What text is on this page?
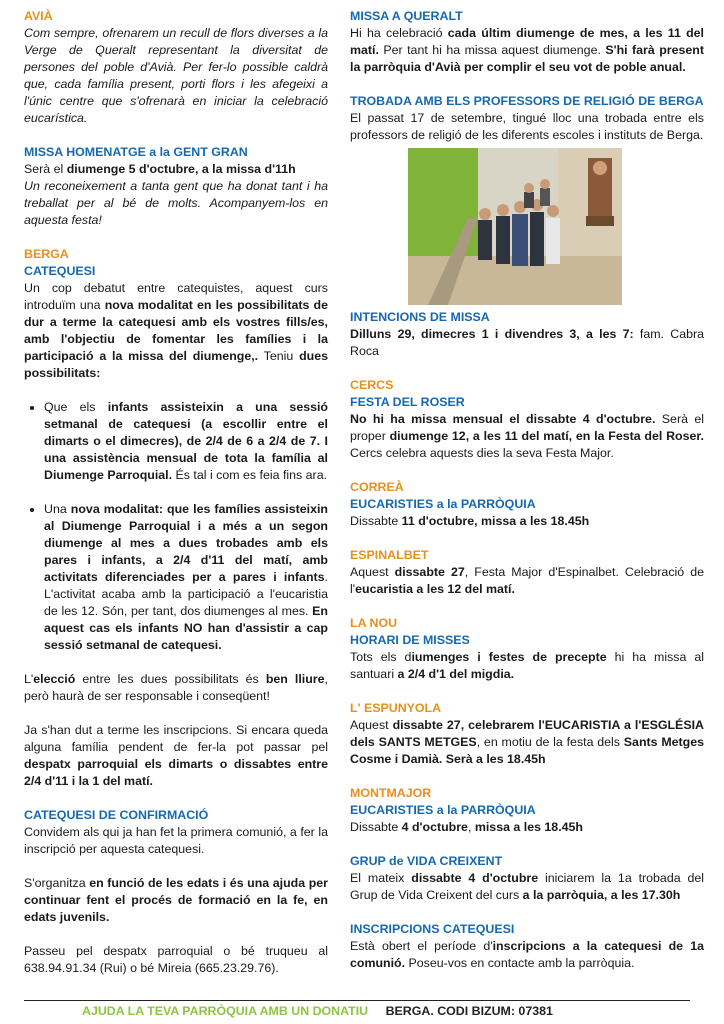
AVIÀ

Com sempre, ofrenarem un recull de flors diverses a la Verge de Queralt representant la diversitat de persones del poble d'Avià. Per fer-lo possible caldrà que, cada família present, porti flors i les afegeixi a l'únic centre que s'ofrenarà en iniciar la celebració eucarística.

MISSA HOMENATGE a la GENT GRAN

Serà el diumenge 5 d'octubre, a la missa d'11h

Un reconeixement a tanta gent que ha donat tant i ha treballat per al bé de molts. Acompanyem-los en aquesta festa!

BERGA

CATEQUESI

Un cop debatut entre catequistes, aquest curs introduïm una nova modalitat en les possibilitats de dur a terme la catequesi amb els vostres fills/es, amb l'objectiu de fomentar les famílies i la participació a la missa del diumenge,. Teniu dues possibilitats:

• Que els infants assisteixin a una sessió setmanal de catequesi (a escollir entre el dimarts o el dimecres), de 2/4 de 6 a 2/4 de 7. I una assistència mensual de tota la família al Diumenge Parroquial. És tal i com es feia fins ara.
• Una nova modalitat: que les famílies assisteixin al Diumenge Parroquial i a més a un segon diumenge al mes a dues trobades amb els pares i infants, a 2/4 d'11 del matí, amb activitats diferenciades per a pares i infants. L'activitat acaba amb la participació a l'eucaristia de les 12. Són, per tant, dos diumenges al mes. En aquest cas els infants NO han d'assistir a cap sessió setmanal de catequesi.

L'elecció entre les dues possibilitats és ben lliure, però haurà de ser responsable i conseqüent!

Ja s'han dut a terme les inscripcions. Si encara queda alguna família pendent de fer-la pot passar pel despatx parroquial els dimarts o dissabtes entre 2/4 d'11 i la 1 del matí.

CATEQUESI DE CONFIRMACIÓ

Convidem als qui ja han fet la primera comunió, a fer la inscripció per aquesta catequesi.

S'organitza en funció de les edats i és una ajuda per continuar fent el procés de formació en la fe, en edats juvenils.

Passeu pel despatx parroquial o bé truqueu al 638.94.91.34 (Rui) o bé Mireia (665.23.29.76).

MISSA A QUERALT

Hi ha celebració cada últim diumenge de mes, a les 11 del matí. Per tant hi ha missa aquest diumenge. S'hi farà present la parròquia d'Avià per complir el seu vot de poble anual.

TROBADA AMB ELS PROFESSORS DE RELIGIÓ DE BERGA

El passat 17 de setembre, tingué lloc una trobada entre els professors de religió de les diferents escoles i instituts de Berga.

INTENCIONS DE MISSA

Dilluns 29, dimecres 1 i divendres 3, a les 7: fam. Cabra Roca

CERCS

FESTA DEL ROSER

No hi ha missa mensual el dissabte 4 d'octubre. Serà el proper diumenge 12, a les 11 del matí, en la Festa del Roser. Cercs celebra aquests dies la seva Festa Major.

CORREÀ

EUCARISTIES a la PARRÒQUIA

Dissabte 11 d'octubre, missa a les 18.45h

ESPINALBET

Aquest dissabte 27, Festa Major d'Espinalbet. Celebració de l'eucaristia a les 12 del matí.

LA NOU

HORARI DE MISSES

Tots els diumenges i festes de precepte hi ha missa al santuari a 2/4 d'1 del migdia.

L' ESPUNYOLA

Aquest dissabte 27, celebrarem l'EUCARISTIA a l'ESGLÉSIA dels SANTS METGES, en motiu de la festa dels Sants Metges Cosme i Damià. Serà a les 18.45h

MONTMAJOR

EUCARISTIES a la PARRÒQUIA

Dissabte 4 d'octubre, missa a les 18.45h

GRUP de VIDA CREIXENT

El mateix dissabte 4 d'octubre iniciarem la 1a trobada del Grup de Vida Creixent del curs a la parròquia, a les 17.30h

INSCRIPCIONS CATEQUESI

Està obert el període d'inscripcions a la catequesi de 1a comunió. Poseu-vos en contacte amb la parròquia.

AJUDA LA TEVA PARRÒQUIA AMB UN DONATIU BERGA. CODI BIZUM: 07381
